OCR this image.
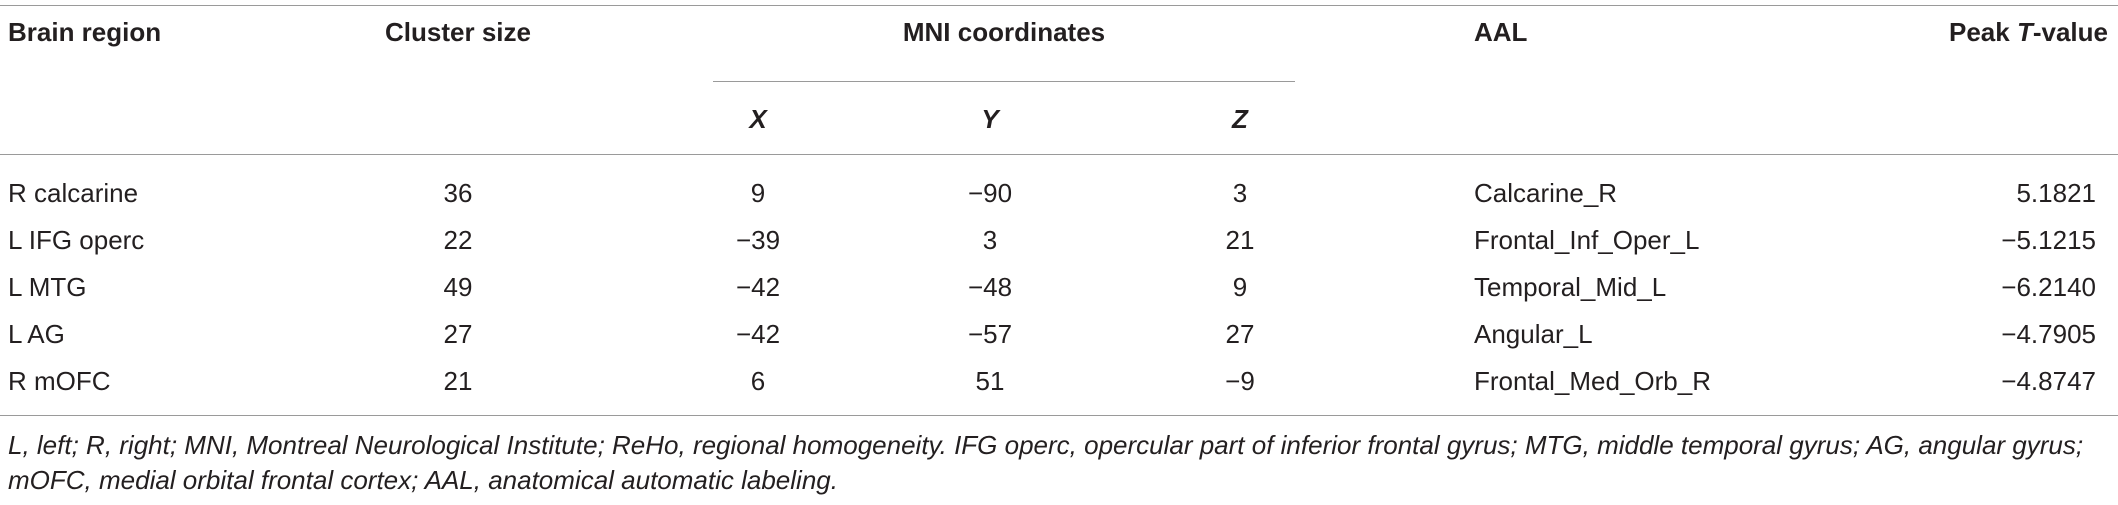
Brain region	Cluster size	MNI coordinates	AAL	Peak T-value
X	Y	Z
R calcarine	36	9	−90	3	Calcarine_R	5.1821
L IFG operc	22	−39	3	21	Frontal_Inf_Oper_L	−5.1215
L MTG	49	−42	−48	9	Temporal_Mid_L	−6.2140
L AG	27	−42	−57	27	Angular_L	−4.7905
R mOFC	21	6	51	−9	Frontal_Med_Orb_R	−4.8747
L, left; R, right; MNI, Montreal Neurological Institute; ReHo, regional homogeneity. IFG operc, opercular part of inferior frontal gyrus; MTG, middle temporal gyrus; AG, angular gyrus; mOFC, medial orbital frontal cortex; AAL, anatomical automatic labeling.
